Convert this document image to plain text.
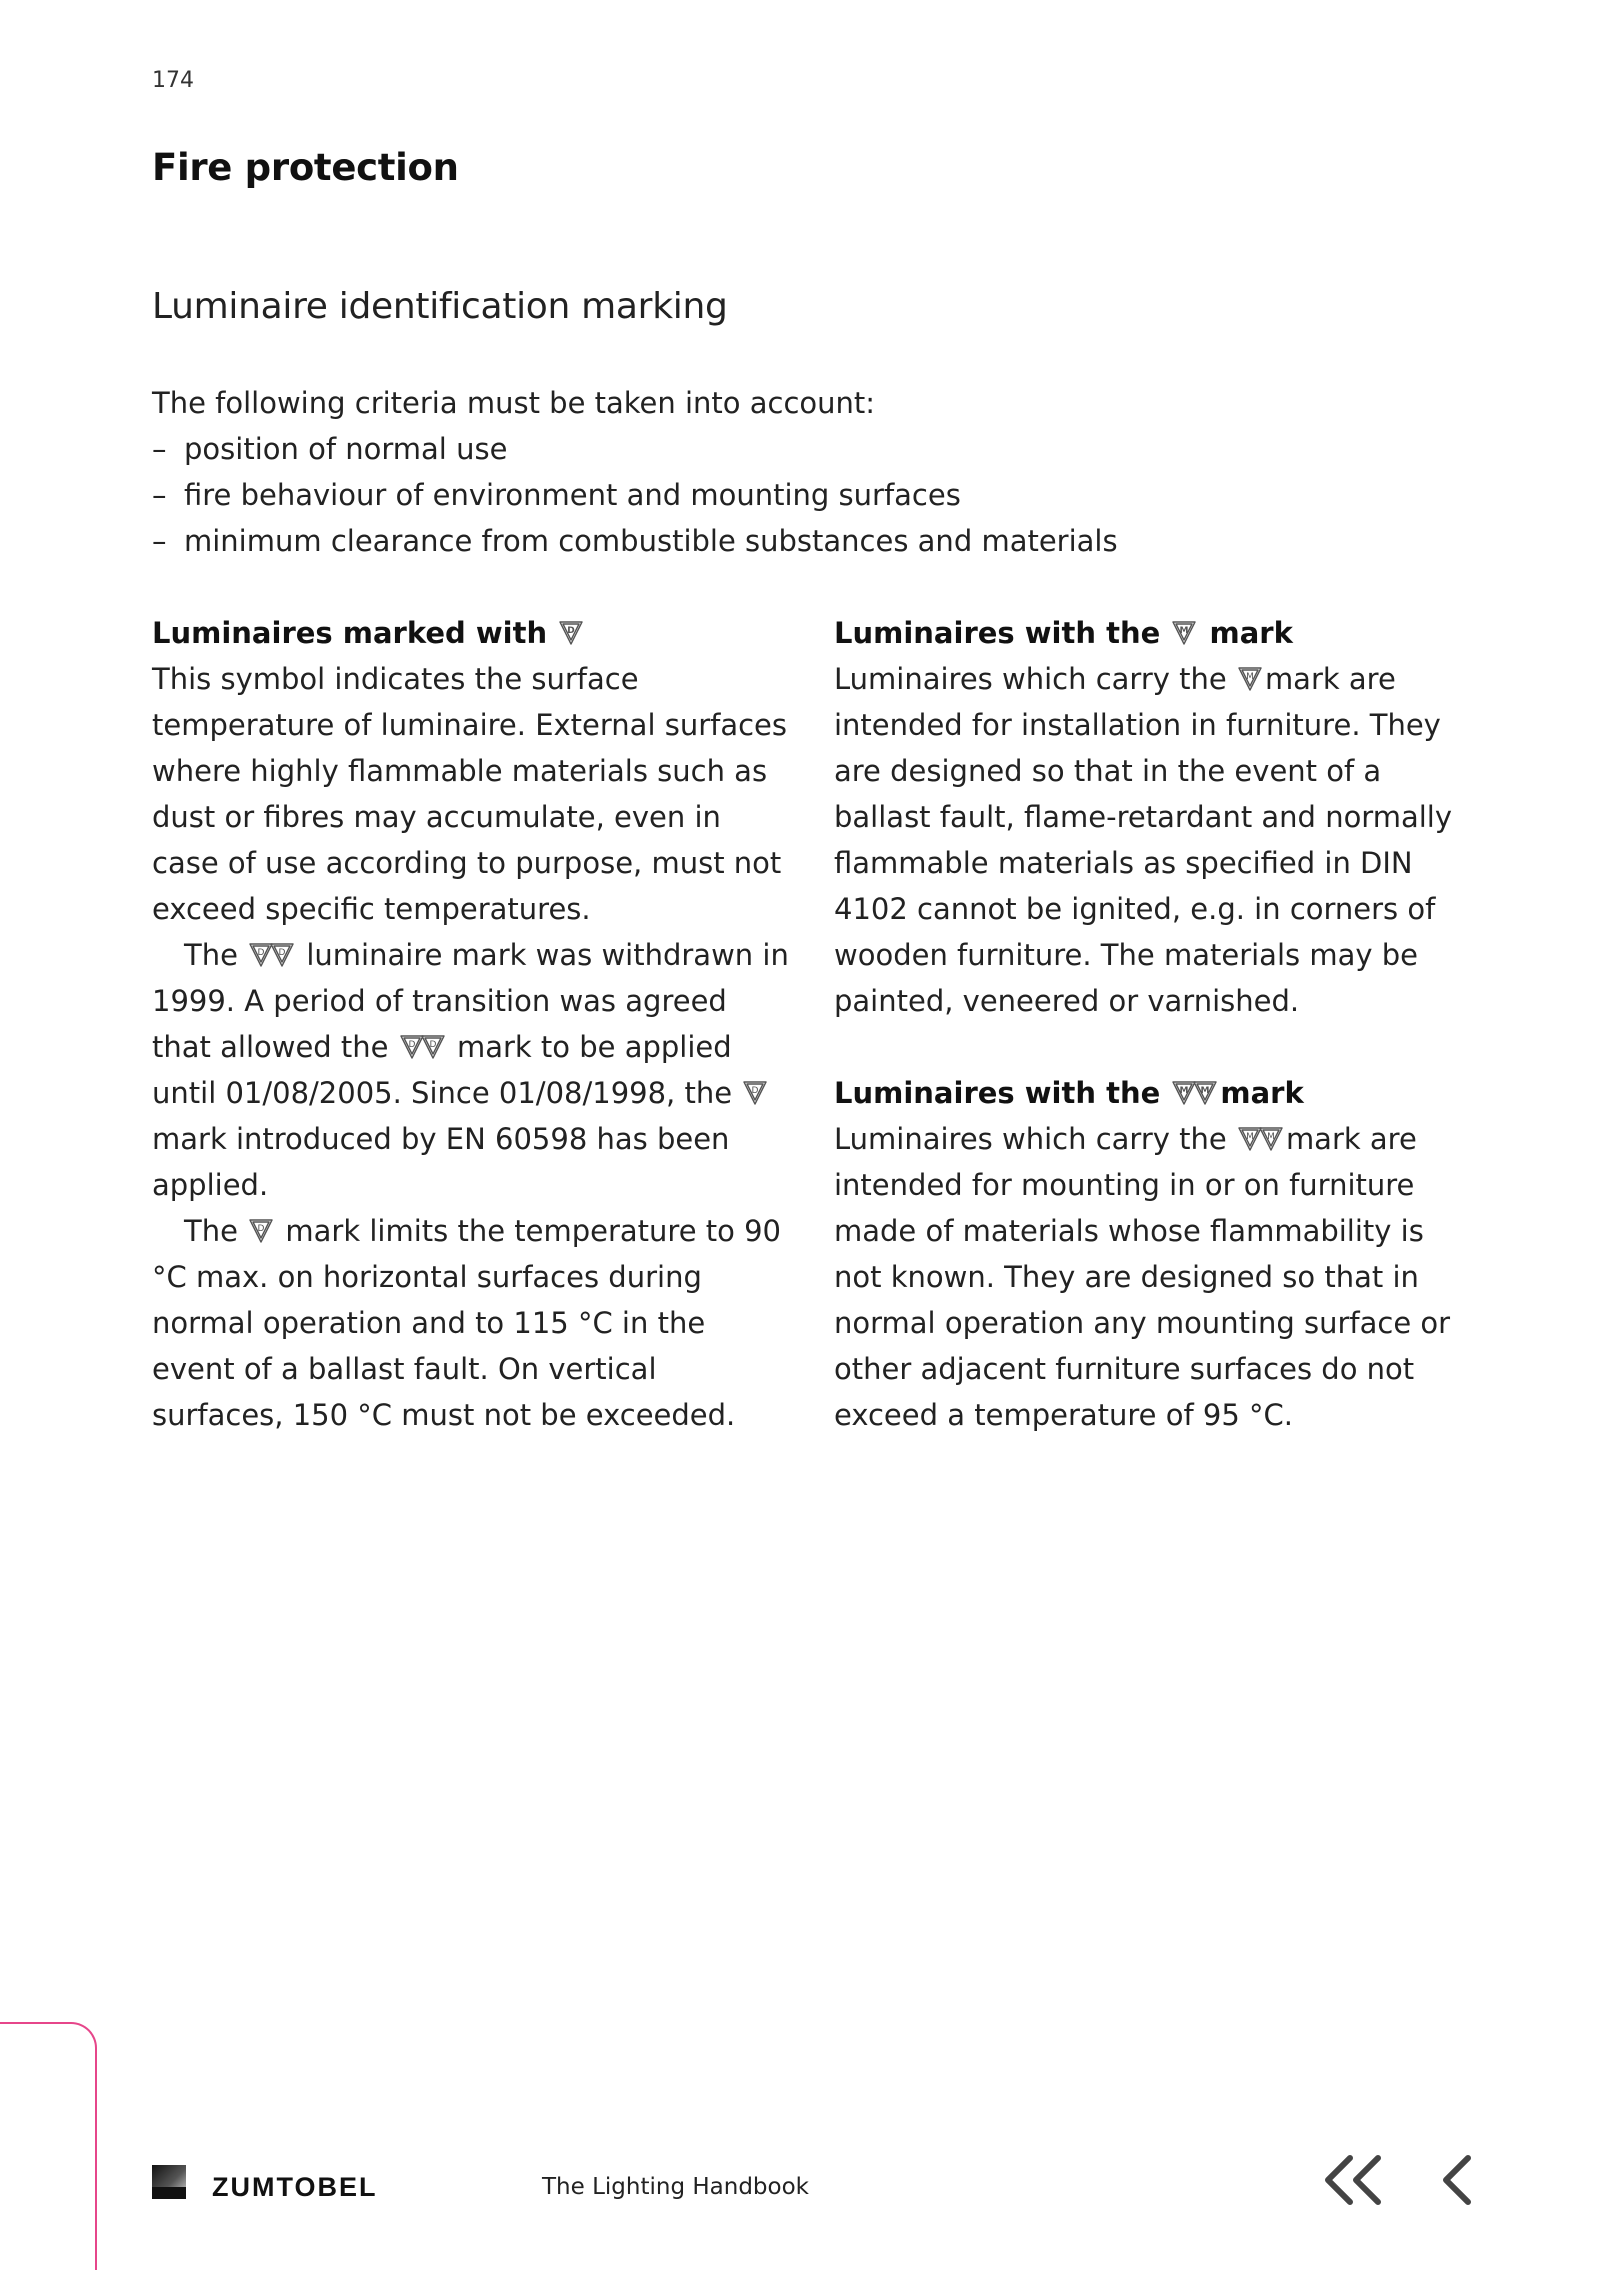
174
Fire protection
Luminaire identification marking
The following criteria must be taken into account:
– position of normal use
– fire behaviour of environment and mounting surfaces
– minimum clearance from combustible substances and materials
Luminaires marked with D

This symbol indicates the surface temperature of luminaire. External surfaces where highly flammable materials such as dust or fibres may accumulate, even in case of use according to purpose, must not exceed specific temperatures.

The D D luminaire mark was withdrawn in 1999. A period of transition was agreed that allowed the D D mark to be applied until 01/08/2005. Since 01/08/1998, the D
mark introduced by EN 60598 has been applied.

The D mark limits the temperature to 90 °C max. on horizontal surfaces during normal operation and to 115 °C in the event of a ballast fault. On vertical surfaces, 150 °C must not be exceeded.

Luminaires with the M mark

Luminaires which carry the M mark are intended for installation in furniture. They are designed so that in the event of a ballast fault, flame-retardant and normally flammable materials as specified in DIN 4102 cannot be ignited, e.g. in corners of wooden furniture. The materials may be painted, veneered or varnished.

Luminaires with the M M mark

Luminaires which carry the M M mark are intended for mounting in or on furniture made of materials whose flammability is not known. They are designed so that in normal operation any mounting surface or other adjacent furniture surfaces do not exceed a temperature of 95 °C.

ZUMTOBEL	The Lighting Handbook
